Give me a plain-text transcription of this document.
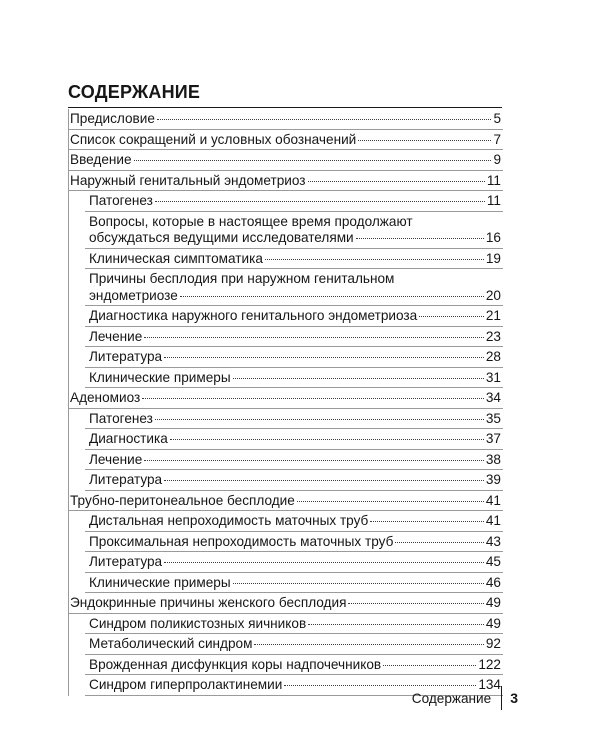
СОДЕРЖАНИЕ
Предисловие	5
Список сокращений и условных обозначений	7
Введение	9
Наружный генитальный эндометриоз	11
Патогенез	11
Вопросы, которые в настоящее время продолжают
обсуждаться ведущими исследователями	16
Клиническая симптоматика	19
Причины бесплодия при наружном генитальном
эндометриозе	20
Диагностика наружного генитального эндометриоза	21
Лечение	23
Литература	28
Клинические примеры	31
Аденомиоз	34
Патогенез	35
Диагностика	37
Лечение	38
Литература	39
Трубно-перитонеальное бесплодие	41
Дистальная непроходимость маточных труб	41
Проксимальная непроходимость маточных труб	43
Литература	45
Клинические примеры	46
Эндокринные причины женского бесплодия	49
Синдром поликистозных яичников	49
Метаболический синдром	92
Врожденная дисфункция коры надпочечников	122
Синдром гиперпролактинемии	134
Содержание 3
